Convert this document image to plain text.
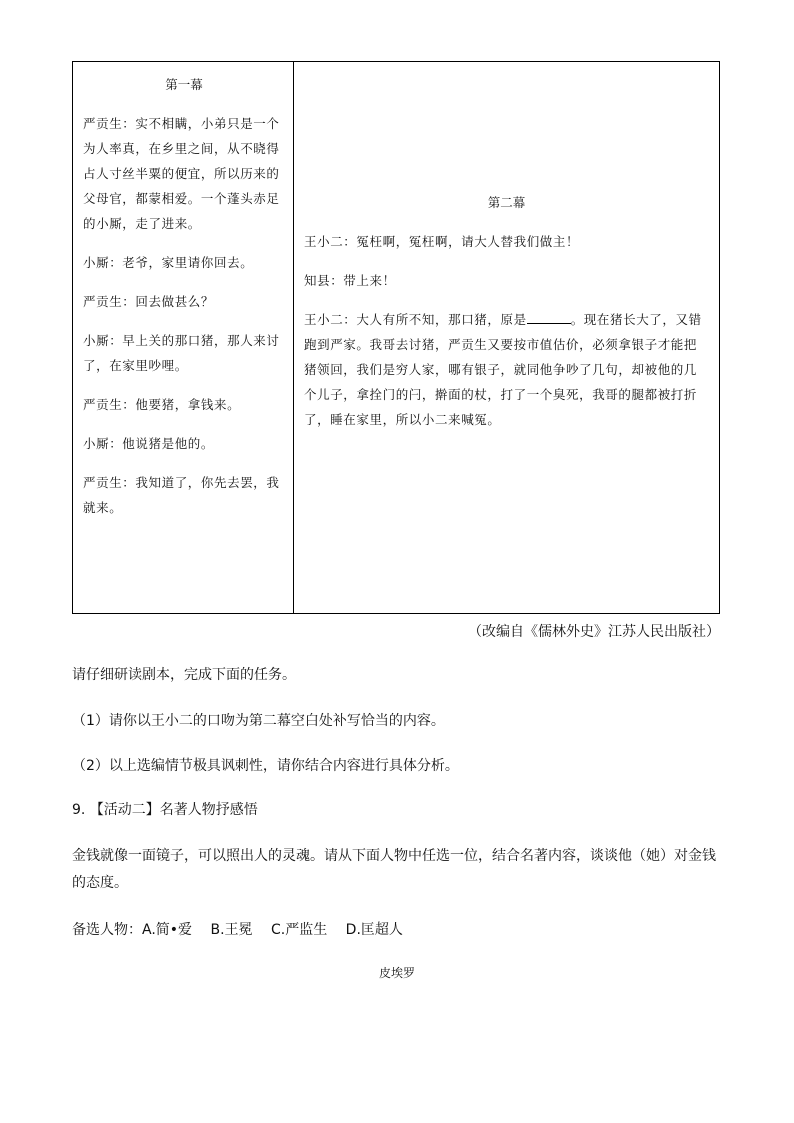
第一幕

严贡生：实不相瞒，小弟只是一个为人率真，在乡里之间，从不晓得占人寸丝半粟的便宜，所以历来的父母官，都蒙相爱。一个蓬头赤足的小厮，走了进来。

小厮：老爷，家里请你回去。

严贡生：回去做甚么？

小厮：早上关的那口猪，那人来讨了，在家里吵哩。

严贡生：他要猪，拿钱来。

小厮：他说猪是他的。

严贡生：我知道了，你先去罢，我就来。

第二幕

王小二：冤枉啊，冤枉啊，请大人替我们做主！

知县：带上来！

王小二：大人有所不知，那口猪，原是	。现在猪长大了，又错跑到严家。我哥去讨猪，严贡生又要按市值估价，必须拿银子才能把猪领回，我们是穷人家，哪有银子，就同他争吵了几句，却被他的几个儿子，拿拴门的闩，擀面的杖，打了一个臭死，我哥的腿都被打折了，睡在家里，所以小二来喊冤。

（改编自《儒林外史》江苏人民出版社）
请仔细研读剧本，完成下面的任务。
（1）请你以王小二的口吻为第二幕空白处补写恰当的内容。
（2）以上选编情节极具讽刺性，请你结合内容进行具体分析。
9. 【活动二】名著人物抒感悟
金钱就像一面镜子，可以照出人的灵魂。请从下面人物中任选一位，结合名著内容，谈谈他（她）对金钱的态度。
备选人物：A.简•爱　 B.王冕　 C.严监生　 D.匡超人
皮埃罗
